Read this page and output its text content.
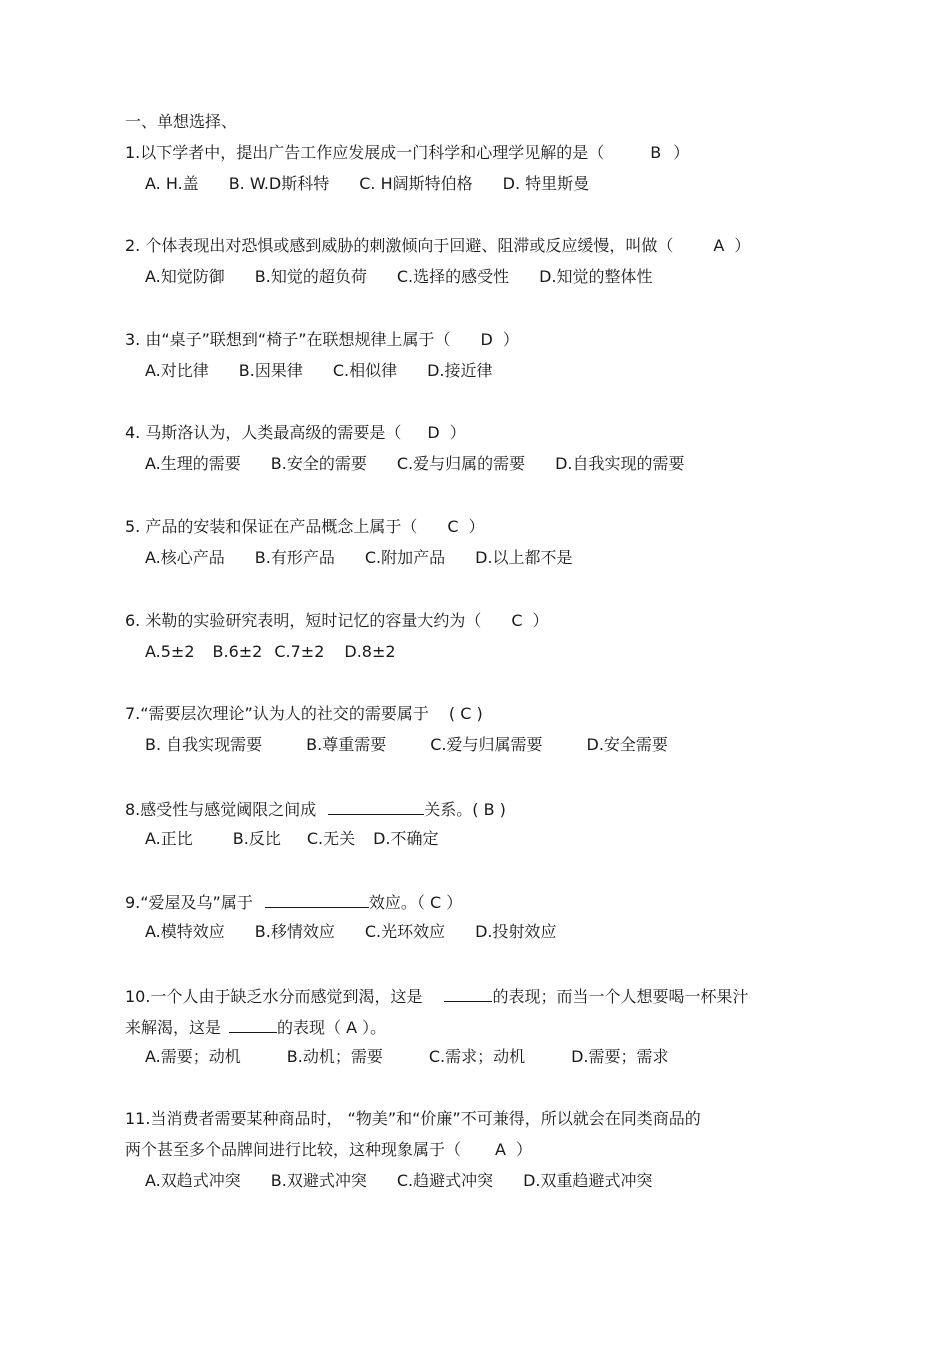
一、单想选择、
1.以下学者中，提出广告工作应发展成一门科学和心理学见解的是（	B ）
A. H.盖 B. W.D斯科特 C. H阔斯特伯格 D. 特里斯曼
2. 个体表现出对恐惧或感到威胁的刺激倾向于回避、阻滞或反应缓慢，叫做（	A ）
A.知觉防御 B.知觉的超负荷 C.选择的感受性 D.知觉的整体性
3. 由“桌子”联想到“椅子”在联想规律上属于（ D ）
A.对比律 B.因果律 C.相似律 D.接近律
4. 马斯洛认为，人类最高级的需要是（ D ）
A.生理的需要 B.安全的需要 C.爱与归属的需要 D.自我实现的需要
5. 产品的安装和保证在产品概念上属于（ C ）
A.核心产品 B.有形产品 C.附加产品 D.以上都不是
6. 米勒的实验研究表明，短时记忆的容量大约为（ C ）
A.5±2 B.6±2 C.7±2 D.8±2
7.“需要层次理论”认为人的社交的需要属于 ( C )
B. 自我实现需要	B.尊重需要	C.爱与归属需要	D.安全需要
8.感受性与感觉阈限之间成	关系。( B )
A.正比	B.反比 C.无关 D.不确定
9.“爱屋及乌”属于	效应。（ C ）
A.模特效应 B.移情效应 C.光环效应 D.投射效应
10.一个人由于缺乏水分而感觉到渴，这是	的表现；而当一个人想要喝一杯果汁
来解渴，这是	的表现（ A ）。
A.需要；动机	B.动机；需要	C.需求；动机	D.需要；需求
11.当消费者需要某种商品时， “物美”和“价廉”不可兼得，所以就会在同类商品的
两个甚至多个品牌间进行比较，这种现象属于（ A ）
A.双趋式冲突 B.双避式冲突 C.趋避式冲突 D.双重趋避式冲突
